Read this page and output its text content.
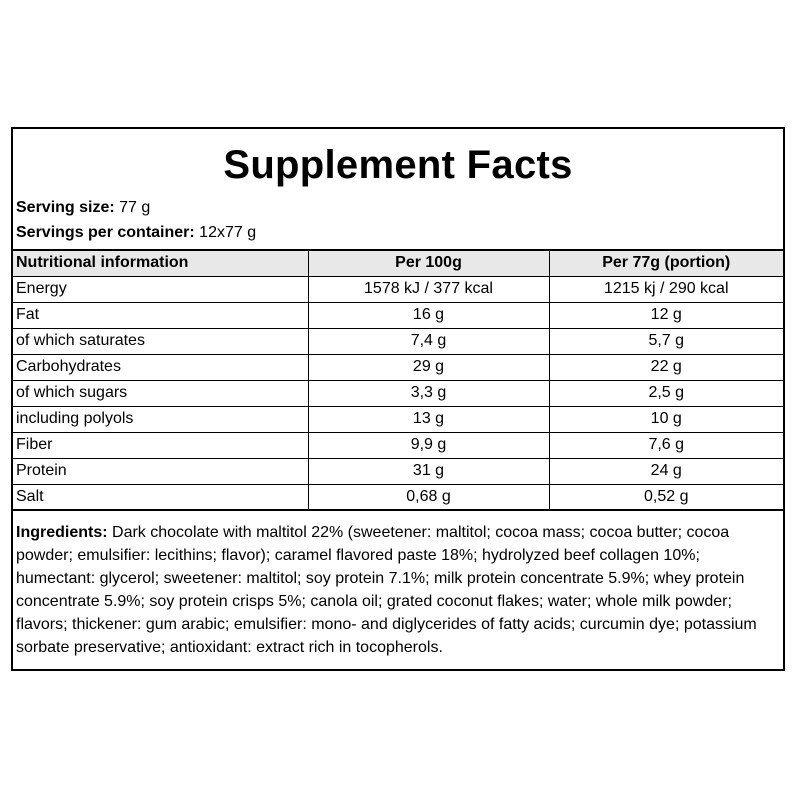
Supplement Facts
Serving size: 77 g
Servings per container: 12x77 g
Nutritional information	Per 100g	Per 77g (portion)
Energy	1578 kJ / 377 kcal	1215 kj / 290 kcal
Fat	16 g	12 g
of which saturates	7,4 g	5,7 g
Carbohydrates	29 g	22 g
of which sugars	3,3 g	2,5 g
including polyols	13 g	10 g
Fiber	9,9 g	7,6 g
Protein	31 g	24 g
Salt	0,68 g	0,52 g
Ingredients: Dark chocolate with maltitol 22% (sweetener: maltitol; cocoa mass; cocoa butter; cocoa powder; emulsifier: lecithins; flavor); caramel flavored paste 18%; hydrolyzed beef collagen 10%; humectant: glycerol; sweetener: maltitol; soy protein 7.1%; milk protein concentrate 5.9%; whey protein concentrate 5.9%; soy protein crisps 5%; canola oil; grated coconut flakes; water; whole milk powder; flavors; thickener: gum arabic; emulsifier: mono- and diglycerides of fatty acids; curcumin dye; potassium sorbate preservative; antioxidant: extract rich in tocopherols.
